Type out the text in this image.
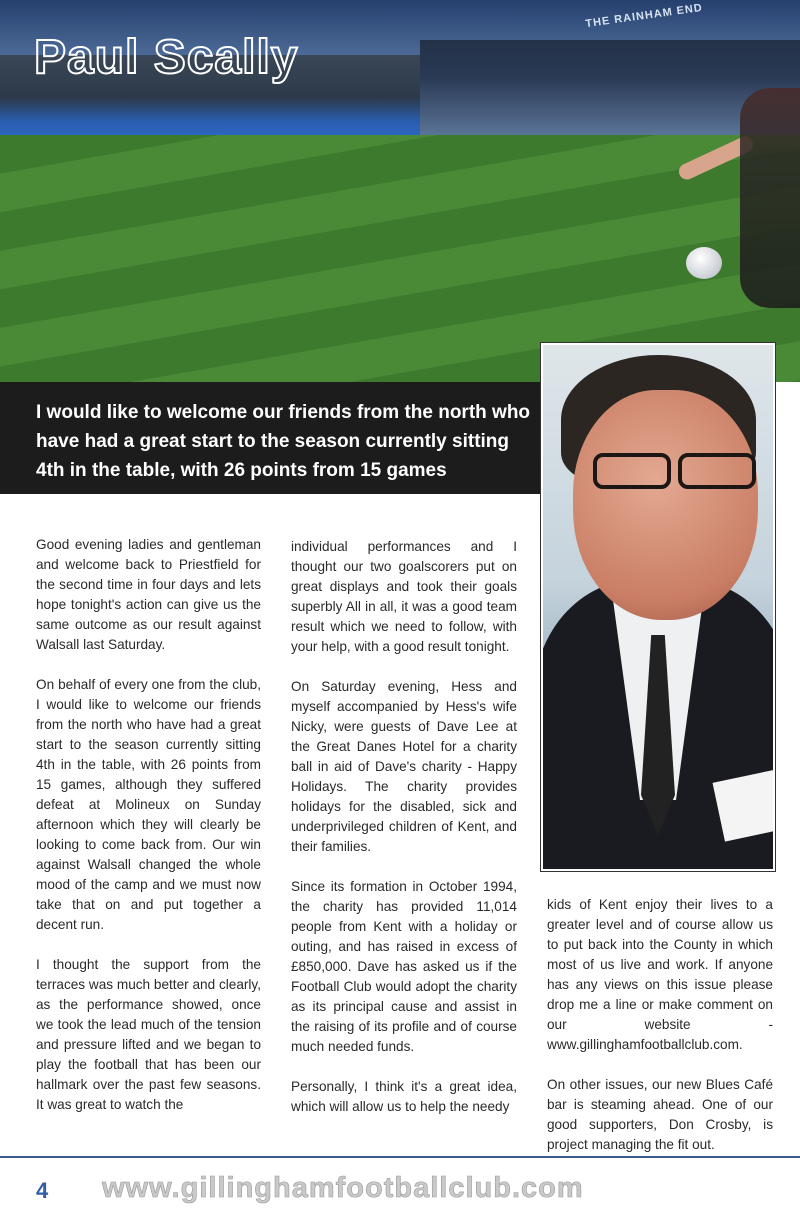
THE RAINHAM END
Paul Scally
I would like to welcome our friends from the north who have had a great start to the season currently sitting 4th in the table, with 26 points from 15 games

Good evening ladies and gentleman and welcome back to Priestfield for the second time in four days and lets hope tonight's action can give us the same outcome as our result against Walsall last Saturday.

On behalf of every one from the club, I would like to welcome our friends from the north who have had a great start to the season currently sitting 4th in the table, with 26 points from 15 games, although they suffered defeat at Molineux on Sunday afternoon which they will clearly be looking to come back from. Our win against Walsall changed the whole mood of the camp and we must now take that on and put together a decent run.

I thought the support from the terraces was much better and clearly, as the performance showed, once we took the lead much of the tension and pressure lifted and we began to play the football that has been our hallmark over the past few seasons. It was great to watch the

individual performances and I thought our two goalscorers put on great displays and took their goals superbly All in all, it was a good team result which we need to follow, with your help, with a good result tonight.

On Saturday evening, Hess and myself accompanied by Hess's wife Nicky, were guests of Dave Lee at the Great Danes Hotel for a charity ball in aid of Dave's charity - Happy Holidays. The charity provides holidays for the disabled, sick and underprivileged children of Kent, and their families.

Since its formation in October 1994, the charity has provided 11,014 people from Kent with a holiday or outing, and has raised in excess of £850,000. Dave has asked us if the Football Club would adopt the charity as its principal cause and assist in the raising of its profile and of course much needed funds.

Personally, I think it's a great idea, which will allow us to help the needy

kids of Kent enjoy their lives to a greater level and of course allow us to put back into the County in which most of us live and work. If anyone has any views on this issue please drop me a line or make comment on our website - www.gillinghamfootballclub.com.

On other issues, our new Blues Café bar is steaming ahead. One of our good supporters, Don Crosby, is project managing the fit out.

4 www.gillinghamfootballclub.com
